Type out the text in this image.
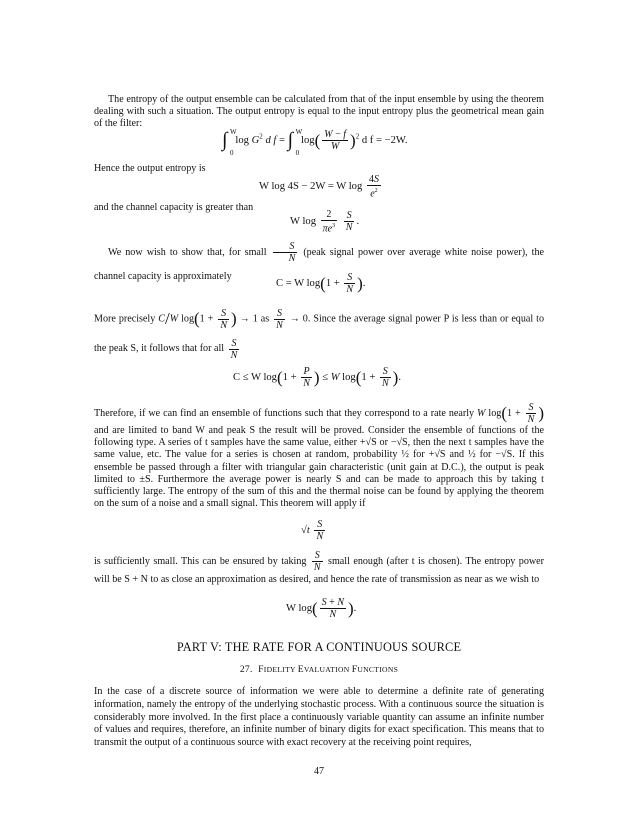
The entropy of the output ensemble can be calculated from that of the input ensemble by using the theorem dealing with such a situation. The output entropy is equal to the input entropy plus the geometrical mean gain of the filter:
∫ W
0
$\log G^2$ d f = ∫ W
0
$\log( \frac{W - f}{W} )^2$ d f = −2W.
Hence the output entropy is
W log 4S − 2W = W $\log \frac{4S}{e^2}$
and the channel capacity is greater than
W $\log \frac{2}{\pi e^3}$
$\frac{S}{N}$ .
We now wish to show that, for small $\frac{S}{N}$ (peak signal power over average white noise power), the channel capacity is approximately
C = W $\log(1 + \frac{S}{N}$ ).
More precisely C/W $\log(1 + \frac{S}{N}$ ) → 1 as $\frac{S}{N} \to 0$. Since the average signal power P is less than or equal to the peak S, it follows that for all $\frac{S}{N}$
C ≤ W $\log(1 + \frac{P}{N}$ ) ≤ W $\log(1 + \frac{S}{N}$ ).
Therefore, if we can find an ensemble of functions such that they correspond to a rate nearly W $\log(1 + \frac{S}{N}$ ) and are limited to band W and peak S the result will be proved. Consider the ensemble of functions of the following type. A series of t samples have the same value, either +√S or −√S, then the next t samples have the same value, etc. The value for a series is chosen at random, probability ½ for +√S and ½ for −√S. If this ensemble be passed through a filter with triangular gain characteristic (unit gain at D.C.), the output is peak limited to ±S. Furthermore the average power is nearly S and can be made to approach this by taking t sufficiently large. The entropy of the sum of this and the thermal noise can be found by applying the theorem on the sum of a noise and a small signal. This theorem will apply if
$√t \frac{S}{N}$
is sufficiently small. This can be ensured by taking $\frac{S}{N}$ small enough (after t is chosen). The entropy power will be S + N to as close an approximation as desired, and hence the rate of transmission as near as we wish to
W $\log( \frac{S + N}{N}$ ).
PART V: THE RATE FOR A CONTINUOUS SOURCE
27. FIDELITY EVALUATION FUNCTIONS
In the case of a discrete source of information we were able to determine a definite rate of generating information, namely the entropy of the underlying stochastic process. With a continuous source the situation is considerably more involved. In the first place a continuously variable quantity can assume an infinite number of values and requires, therefore, an infinite number of binary digits for exact specification. This means that to transmit the output of a continuous source with exact recovery at the receiving point requires,
47
